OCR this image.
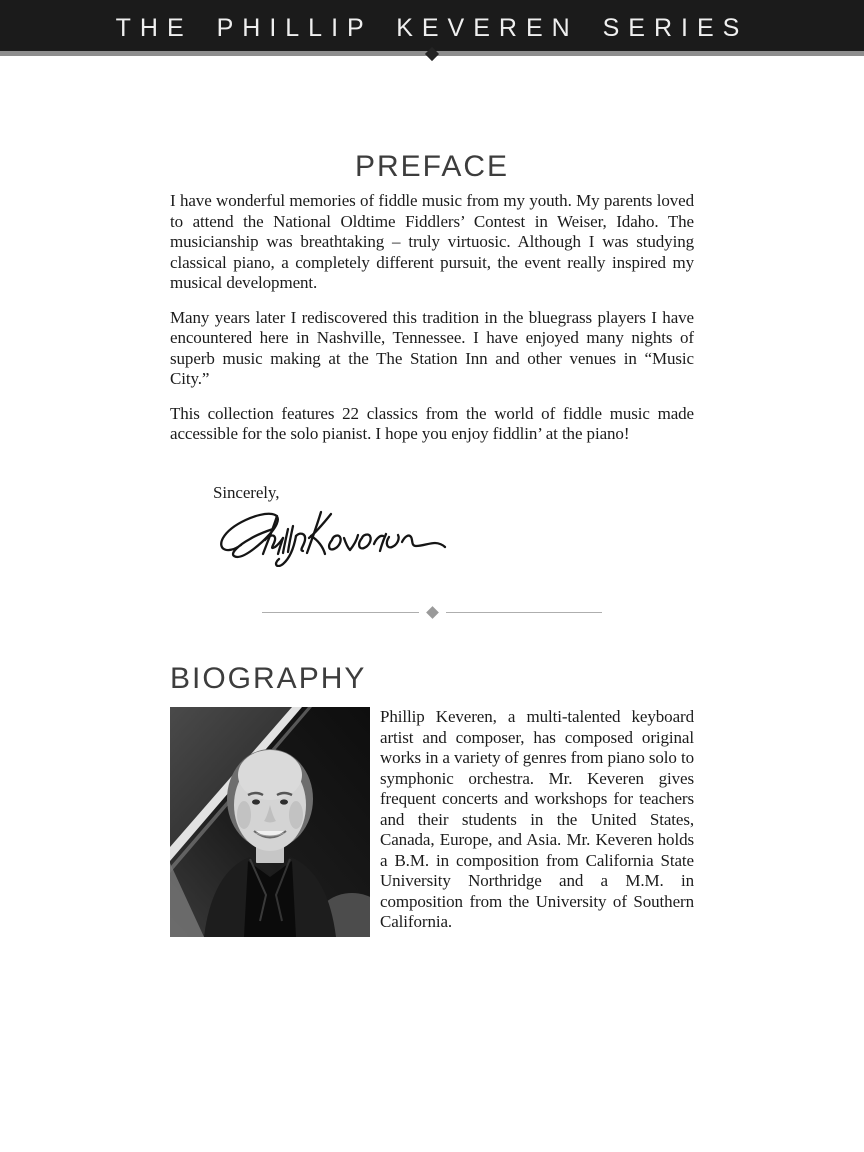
THE PHILLIP KEVEREN SERIES
PREFACE

I have wonderful memories of fiddle music from my youth. My parents loved to attend the National Oldtime Fiddlers’ Contest in Weiser, Idaho. The musicianship was breathtaking – truly virtuosic. Although I was studying classical piano, a completely different pursuit, the event really inspired my musical development.

Many years later I rediscovered this tradition in the bluegrass players I have encountered here in Nashville, Tennessee. I have enjoyed many nights of superb music making at the The Station Inn and other venues in “Music City.”

This collection features 22 classics from the world of fiddle music made accessible for the solo pianist. I hope you enjoy fiddlin’ at the piano!

Sincerely,

BIOGRAPHY

Phillip Keveren, a multi-talented keyboard artist and composer, has composed original works in a variety of genres from piano solo to symphonic orchestra. Mr. Keveren gives frequent concerts and workshops for teachers and their students in the United States, Canada, Europe, and Asia. Mr. Keveren holds a B.M. in composition from California State University Northridge and a M.M. in composition from the University of Southern California.
